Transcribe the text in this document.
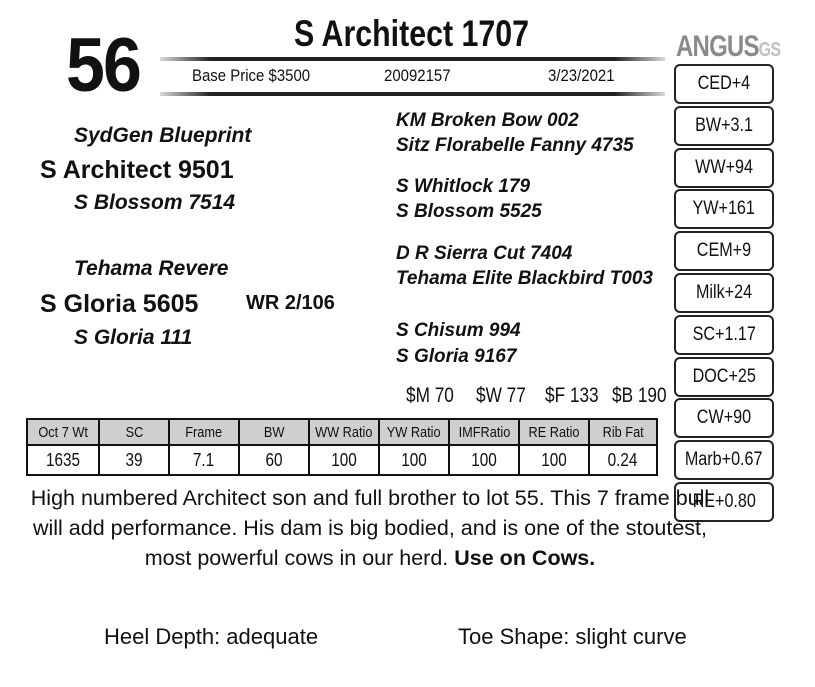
56	S Architect 1707
Base Price $3500	20092157	3/23/2021
SydGen Blueprint
S Architect 9501
S Blossom 7514
Tehama Revere
S Gloria 5605 WR 2/106
S Gloria 111
KM Broken Bow 002
Sitz Florabelle Fanny 4735
S Whitlock 179
S Blossom 5525
D R Sierra Cut 7404
Tehama Elite Blackbird T003
S Chisum 994
S Gloria 9167
$M 70 $W 77 $F 133 $B 190
Oct 7 Wt	SC	Frame	BW	WW Ratio	YW Ratio	IMFRatio	RE Ratio	Rib Fat
1635	39	7.1	60	100	100	100	100	0.24
ANGUSGS
CED+4
BW+3.1
WW+94
YW+161
CEM+9
Milk+24
SC+1.17
DOC+25
CW+90
Marb+0.67
RE+0.80
High numbered Architect son and full brother to lot 55. This 7 frame bull will add performance. His dam is big bodied, and is one of the stoutest, most powerful cows in our herd. Use on Cows.
Heel Depth: adequate	Toe Shape: slight curve
